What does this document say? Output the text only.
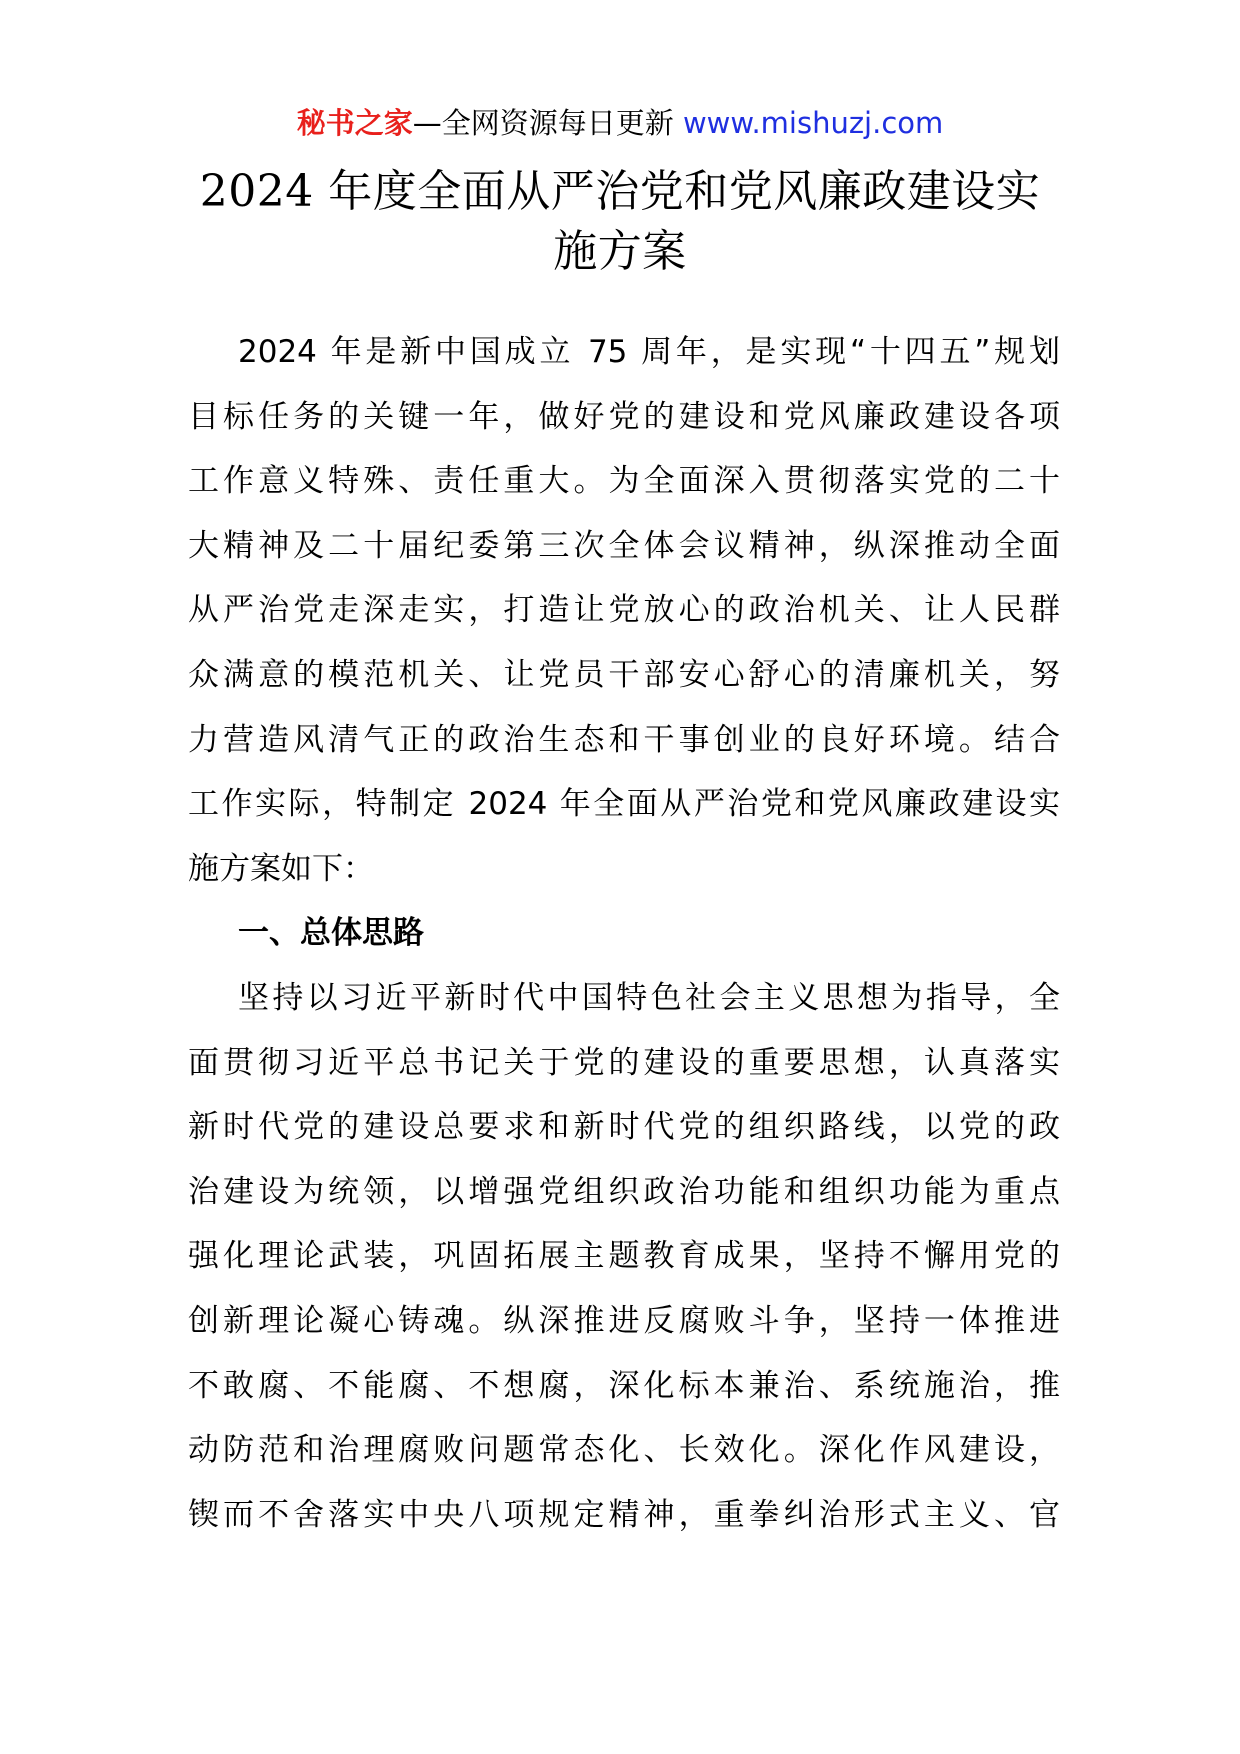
秘书之家—全网资源每日更新 www.mishuzj.com
2024 年度全面从严治党和党风廉政建设实
施方案
2024 年是新中国成立 75 周年，是实现“十四五”规划
目标任务的关键一年，做好党的建设和党风廉政建设各项
工作意义特殊、责任重大。为全面深入贯彻落实党的二十
大精神及二十届纪委第三次全体会议精神，纵深推动全面
从严治党走深走实，打造让党放心的政治机关、让人民群
众满意的模范机关、让党员干部安心舒心的清廉机关，努
力营造风清气正的政治生态和干事创业的良好环境。结合
工作实际，特制定 2024 年全面从严治党和党风廉政建设实
施方案如下：
一、总体思路
坚持以习近平新时代中国特色社会主义思想为指导，全
面贯彻习近平总书记关于党的建设的重要思想，认真落实
新时代党的建设总要求和新时代党的组织路线，以党的政
治建设为统领，以增强党组织政治功能和组织功能为重点
强化理论武装，巩固拓展主题教育成果，坚持不懈用党的
创新理论凝心铸魂。纵深推进反腐败斗争，坚持一体推进
不敢腐、不能腐、不想腐，深化标本兼治、系统施治，推
动防范和治理腐败问题常态化、长效化。深化作风建设，
锲而不舍落实中央八项规定精神，重拳纠治形式主义、官
